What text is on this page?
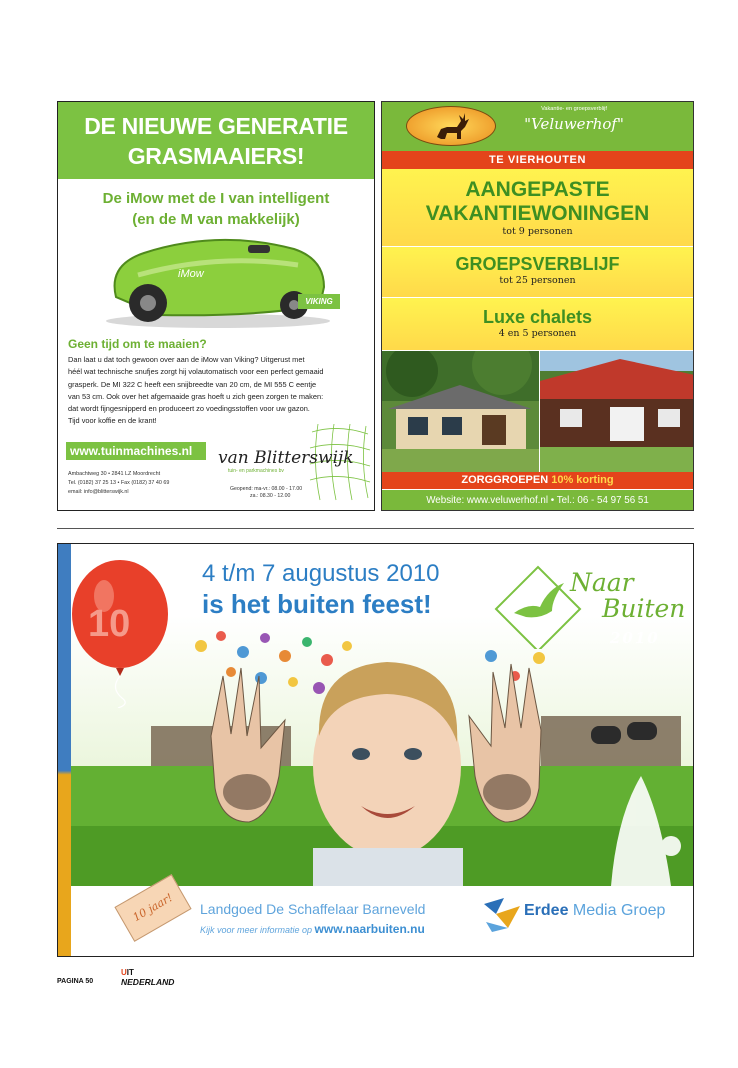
DE NIEUWE GENERATIE
GRASMAAIERS!
De iMow met de I van intelligent
(en de M van makkelijk)
iMow
VIKING
Geen tijd om te maaien?
Dan laat u dat toch gewoon over aan de iMow van Viking? Uitgerust met
héél wat technische snufjes zorgt hij volautomatisch voor een perfect gemaaid
grasperk. De MI 322 C heeft een snijbreedte van 20 cm, de MI 555 C eentje
van 53 cm. Ook over het afgemaaide gras hoeft u zich geen zorgen te maken:
dat wordt fijngesnipperd en produceert zo voedingsstoffen voor uw gazon.
Tijd voor koffie en de krant!
www.tuinmachines.nl
Ambachtweg 30 • 2841 LZ Moordrecht
Tel. (0182) 37 25 13 • Fax (0182) 37 40 69
email: info@blitterswijk.nl
van Blitterswijk
tuin- en parkmachines bv
Geopend: ma-vr.: 08.00 - 17.00
za.: 08.30 - 12.00
Vakantie- en groepsverblijf
"Veluwerhof"
TE VIERHOUTEN
AANGEPASTE
VAKANTIEWONINGEN
tot 9 personen
GROEPSVERBLIJF
tot 25 personen
Luxe chalets
4 en 5 personen
ZORGGROEPEN 10% korting
Website: www.veluwerhof.nl • Tel.: 06 - 54 97 56 51
10
4 t/m 7 augustus 2010
is het buiten feest!
Naar
Buiten
2010
10 jaar!	Landgoed De Schaffelaar Barneveld
Kijk voor meer informatie op www.naarbuiten.nu
Erdee Media Groep
PAGINA 50
UIT
NEDERLAND
